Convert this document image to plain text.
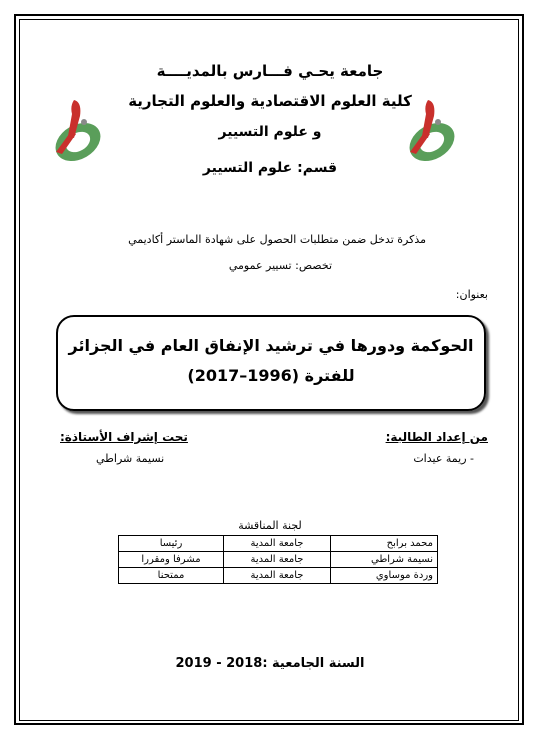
جامعة يحـي فـــارس بالمديــــة
كلية العلوم الاقتصادية والعلوم التجارية
و علوم التسيير
قسم: علوم التسيير
مذكرة تدخل ضمن متطلبات الحصول على شهادة الماستر أكاديمي
تخصص: تسيير عمومي
بعنوان:
الحوكمة ودورها في ترشيد الإنفاق العام في الجزائر
للفترة (1996–2017)
من إعداد الطالبة:
- ريمة عيدات
تحت إشراف الأستاذة:
نسيمة شراطي
لجنة المناقشة
محمد برابح	جامعة المدية	رئيسا
نسيمة شراطي	جامعة المدية	مشرفا ومقررا
وردة موساوي	جامعة المدية	ممتحنا
السنة الجامعية :2018 - 2019
